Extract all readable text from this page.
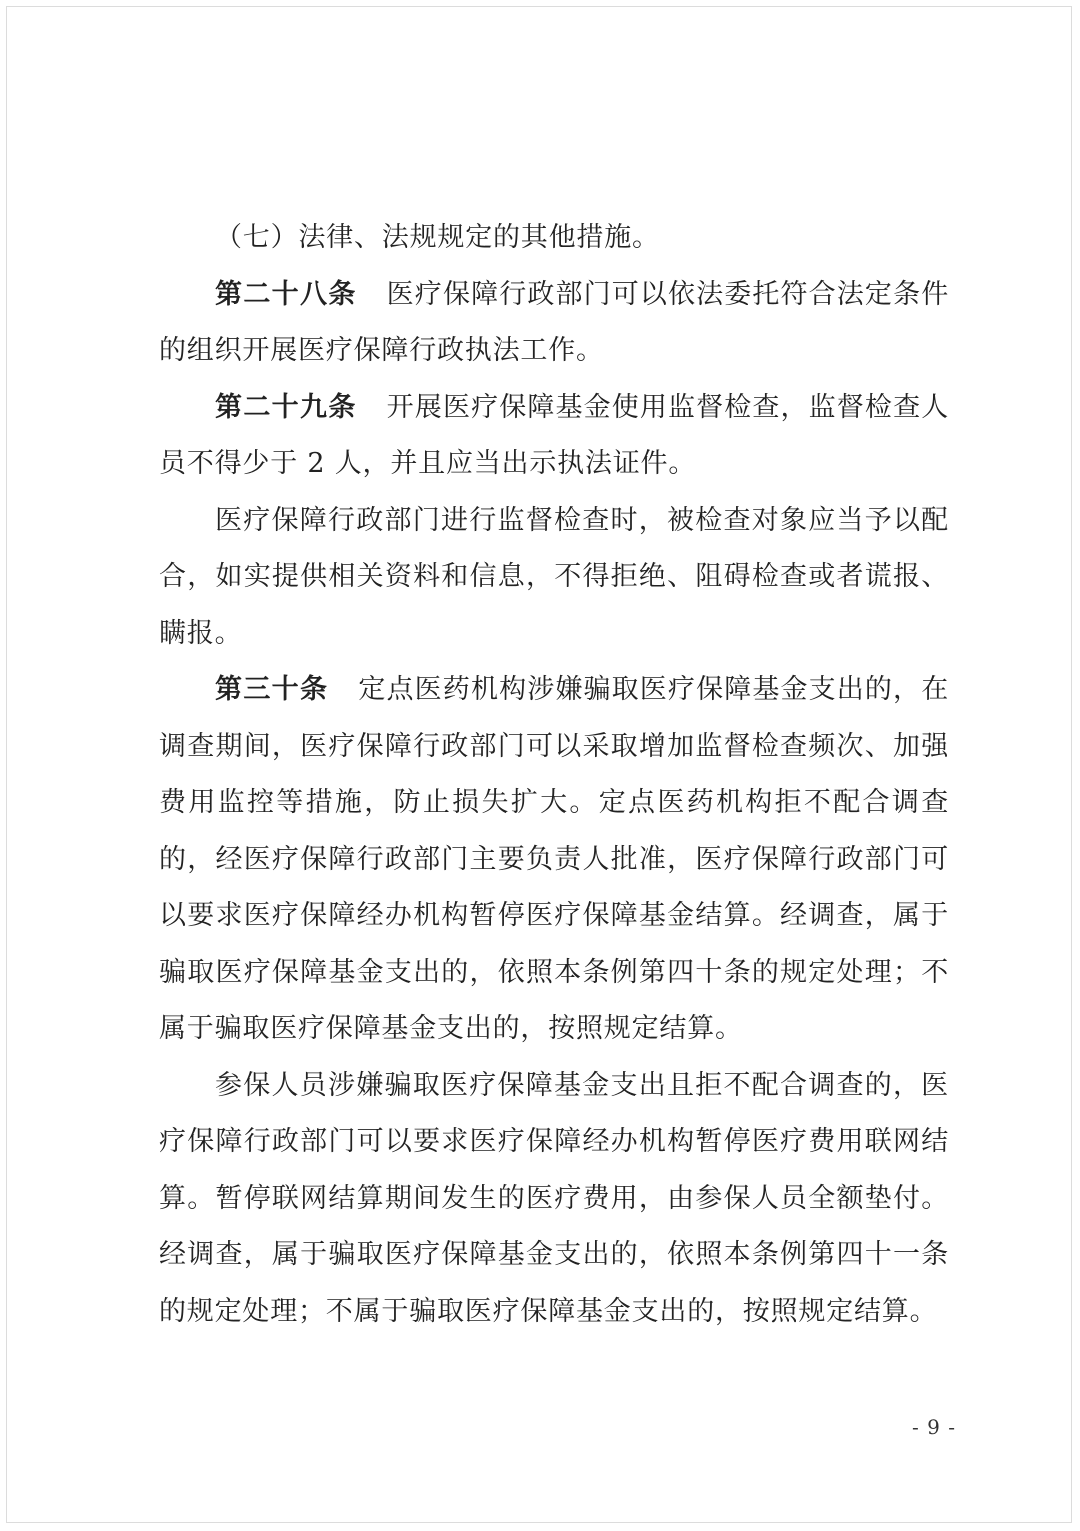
（七）法律、法规规定的其他措施。

第二十八条 医疗保障行政部门可以依法委托符合法定条件的组织开展医疗保障行政执法工作。

第二十九条 开展医疗保障基金使用监督检查，监督检查人员不得少于 2 人，并且应当出示执法证件。

医疗保障行政部门进行监督检查时，被检查对象应当予以配合，如实提供相关资料和信息，不得拒绝、阻碍检查或者谎报、瞒报。

第三十条 定点医药机构涉嫌骗取医疗保障基金支出的，在调查期间，医疗保障行政部门可以采取增加监督检查频次、加强费用监控等措施，防止损失扩大。定点医药机构拒不配合调查的，经医疗保障行政部门主要负责人批准，医疗保障行政部门可以要求医疗保障经办机构暂停医疗保障基金结算。经调查，属于骗取医疗保障基金支出的，依照本条例第四十条的规定处理；不属于骗取医疗保障基金支出的，按照规定结算。

参保人员涉嫌骗取医疗保障基金支出且拒不配合调查的，医疗保障行政部门可以要求医疗保障经办机构暂停医疗费用联网结算。暂停联网结算期间发生的医疗费用，由参保人员全额垫付。经调查，属于骗取医疗保障基金支出的，依照本条例第四十一条的规定处理；不属于骗取医疗保障基金支出的，按照规定结算。

- 9 -
